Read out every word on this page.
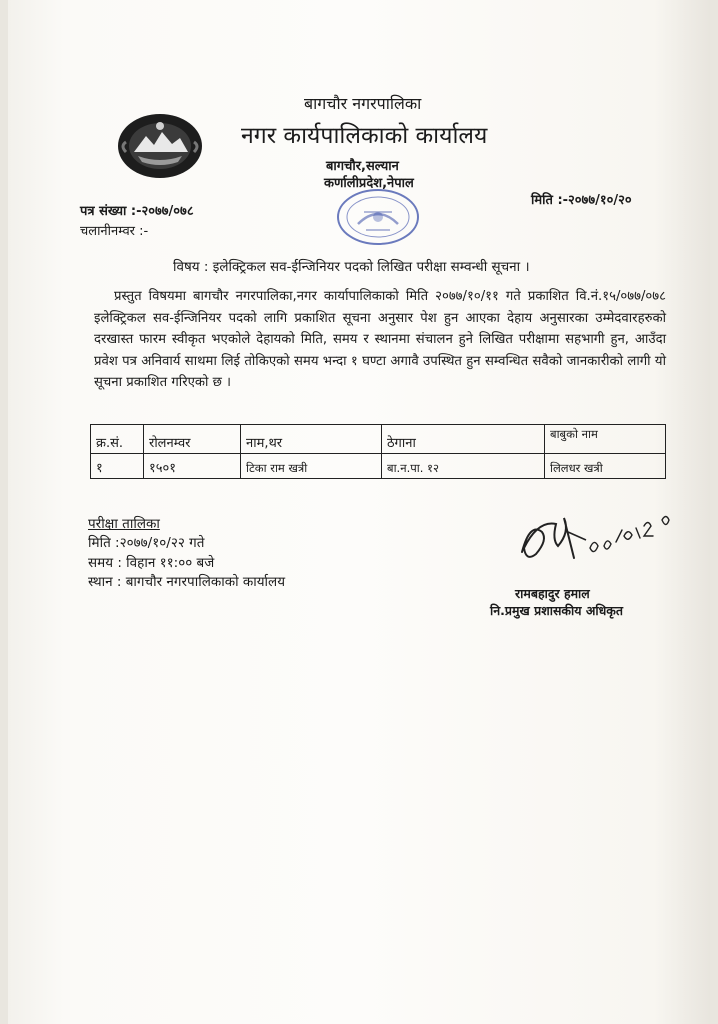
बागचौर नगरपालिका
नगर कार्यपालिकाको कार्यालय
बागचौर,सल्यान
कर्णालीप्रदेश,नेपाल
पत्र संख्या :-२०७७/०७८
चलानीनम्वर :-
मिति :-२०७७/१०/२०
विषय : इलेक्ट्रिकल सव-ईन्जिनियर पदको लिखित परीक्षा सम्वन्धी सूचना ।
प्रस्तुत विषयमा बागचौर नगरपालिका,नगर कार्यापालिकाको मिति २०७७/१०/११ गते प्रकाशित वि.नं.१५/०७७/०७८ इलेक्ट्रिकल सव-ईन्जिनियर पदको लागि प्रकाशित सूचना अनुसार पेश हुन आएका देहाय अनुसारका उम्मेदवारहरुको दरखास्त फारम स्वीकृत भएकोले देहायको मिति, समय र स्थानमा संचालन हुने लिखित परीक्षामा सहभागी हुन, आउँदा प्रवेश पत्र अनिवार्य साथमा लिई तोकिएको समय भन्दा १ घण्टा अगावै उपस्थित हुन सम्वन्धित सवैको जानकारीको लागी यो सूचना प्रकाशित गरिएको छ ।
क्र.सं.	रोलनम्वर	नाम,थर	ठेगाना	बाबुको नाम
१	१५०१	टिका राम खत्री	बा.न.पा. १२	लिलधर खत्री
परीक्षा तालिका
मिति :२०७७/१०/२२ गते
समय : विहान ११:०० बजे
स्थान : बागचौर नगरपालिकाको कार्यालय
रामबहादुर हमाल
नि.प्रमुख प्रशासकीय अधिकृत
